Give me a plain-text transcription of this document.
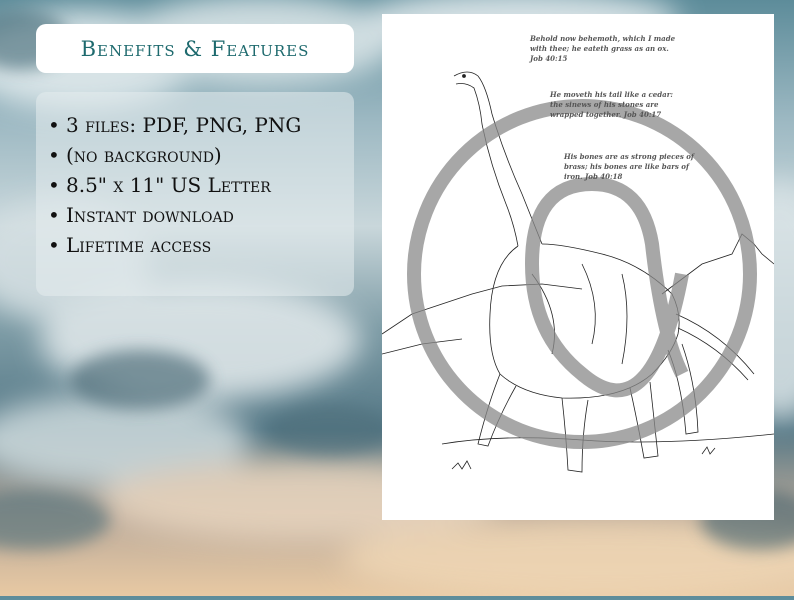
Benefits & Features
• 3 files: PDF, PNG, PNG
• (no background)
• 8.5" x 11" US Letter
• Instant download
• Lifetime access
Behold now behemoth, which I made with thee; he eateth grass as an ox. Job 40:15
He moveth his tail like a cedar: the sinews of his stones are wrapped together. Job 40:17
His bones are as strong pieces of brass; his bones are like bars of iron. Job 40:18
